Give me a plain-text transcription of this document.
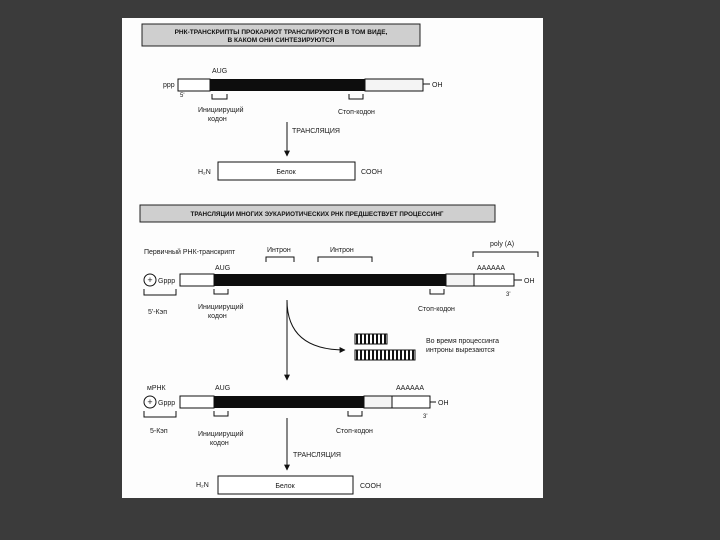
РНК-ТРАНСКРИПТЫ ПРОКАРИОТ ТРАНСЛИРУЮТСЯ В ТОМ ВИДЕ,
В КАКОМ ОНИ СИНТЕЗИРУЮТСЯ
AUG
ppp
5'
OH
Инициирущий
кодон
Стоп-кодон
ТРАНСЛЯЦИЯ
H₂N	Белок	COOH
ТРАНСЛЯЦИИ МНОГИХ ЭУКАРИОТИЧЕСКИХ РНК ПРЕДШЕСТВУЕТ ПРОЦЕССИНГ
Первичный РНК-транскрипт	Интрон	Интрон
poly (A)
AUG	AAAAAA
+ Gppp	OH
3'
5'-Кэп
Инициирущий
кодон
Стоп-кодон
Во время процессинга
интроны вырезаются
мРНК	AUG	AAAAAA
+ Gppp	OH
3'
5-Кэп	Инициирущий
кодон
Стоп-кодон
ТРАНСЛЯЦИЯ
H₂N	Белок	COOH
